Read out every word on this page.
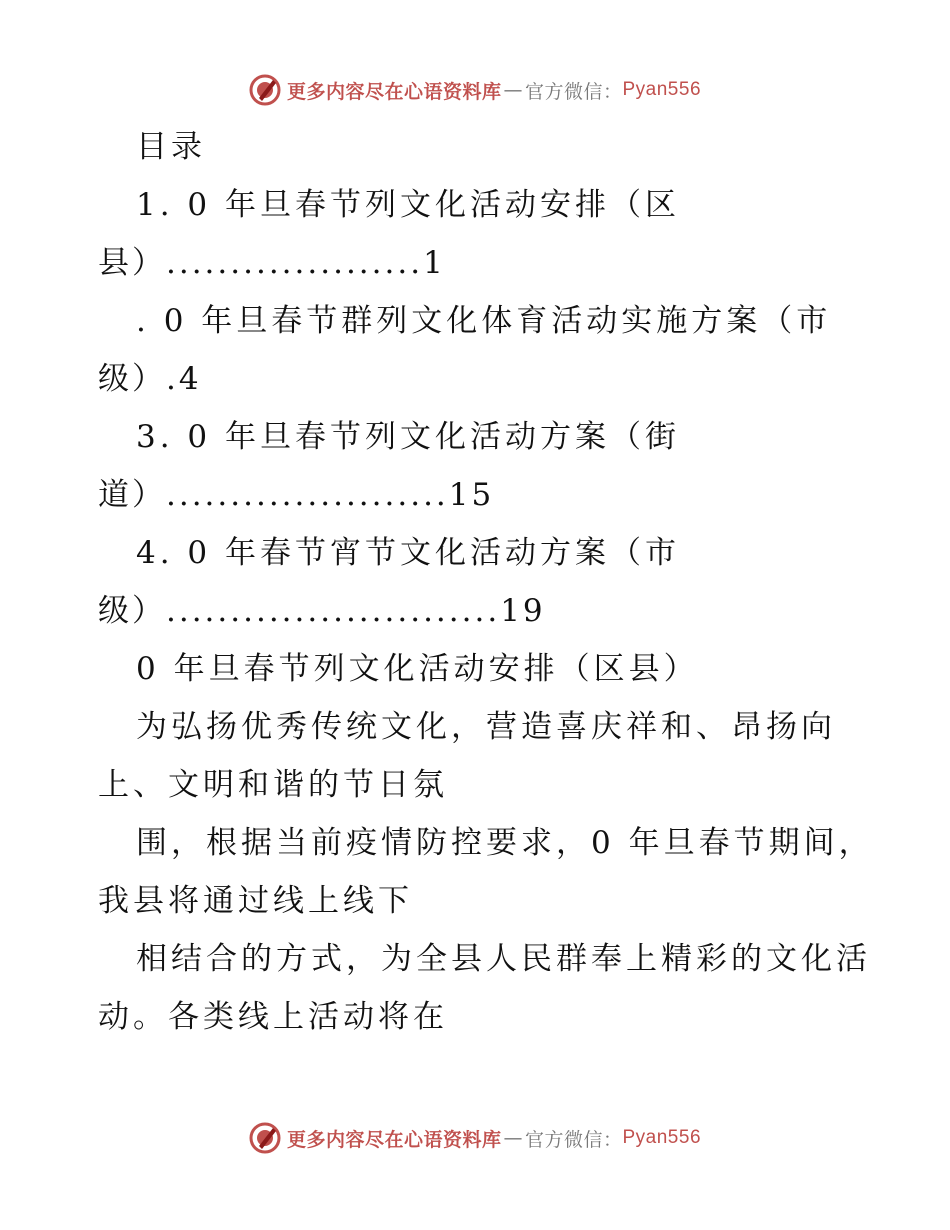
更多内容尽在心语资料库 — 官方微信： Pyan556
目录
1. 0 年旦春节列文化活动安排（区
县）....................1
. 0 年旦春节群列文化体育活动实施方案（市
级）.4
3. 0 年旦春节列文化活动方案（街
道）......................15
4. 0 年春节宵节文化活动方案（市
级）..........................19
0 年旦春节列文化活动安排（区县）
为弘扬优秀传统文化，营造喜庆祥和、昂扬向
上、文明和谐的节日氛
围，根据当前疫情防控要求，0 年旦春节期间，
我县将通过线上线下
相结合的方式，为全县人民群奉上精彩的文化活
动。各类线上活动将在
更多内容尽在心语资料库 — 官方微信： Pyan556
